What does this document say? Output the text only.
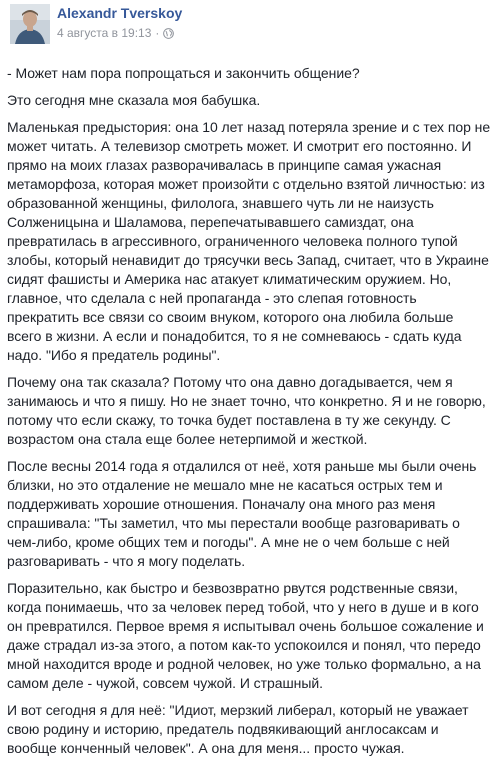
Alexandr Tverskoy
4 августа в 19:13 ·

- Может нам пора попрощаться и закончить общение?

Это сегодня мне сказала моя бабушка.

Маленькая предыстория: она 10 лет назад потеряла зрение и с тех пор не может читать. А телевизор смотреть может. И смотрит его постоянно. И прямо на моих глазах разворачивалась в принципе самая ужасная метаморфоза, которая может произойти с отдельно взятой личностью: из образованной женщины, филолога, знавшего чуть ли не наизусть Солженицына и Шаламова, перепечатывавшего самиздат, она превратилась в агрессивного, ограниченного человека полного тупой злобы, который ненавидит до трясучки весь Запад, считает, что в Украине сидят фашисты и Америка нас атакует климатическим оружием. Но, главное, что сделала с ней пропаганда - это слепая готовность прекратить все связи со своим внуком, которого она любила больше всего в жизни. А если и понадобится, то я не сомневаюсь - сдать куда надо. "Ибо я предатель родины".

Почему она так сказала? Потому что она давно догадывается, чем я занимаюсь и что я пишу. Но не знает точно, что конкретно. Я и не говорю, потому что если скажу, то точка будет поставлена в ту же секунду. С возрастом она стала еще более нетерпимой и жесткой.

После весны 2014 года я отдалился от неё, хотя раньше мы были очень близки, но это отдаление не мешало мне не касаться острых тем и поддерживать хорошие отношения. Поначалу она много раз меня спрашивала: "Ты заметил, что мы перестали вообще разговаривать о чем-либо, кроме общих тем и погоды". А мне не о чем больше с ней разговаривать - что я могу поделать.

Поразительно, как быстро и безвозвратно рвутся родственные связи, когда понимаешь, что за человек перед тобой, что у него в душе и в кого он превратился. Первое время я испытывал очень большое сожаление и даже страдал из-за этого, а потом как-то успокоился и понял, что передо мной находится вроде и родной человек, но уже только формально, а на самом деле - чужой, совсем чужой. И страшный.

И вот сегодня я для неё: "Идиот, мерзкий либерал, который не уважает свою родину и историю, предатель подвякивающий англосаксам и вообще конченный человек". А она для меня... просто чужая.
